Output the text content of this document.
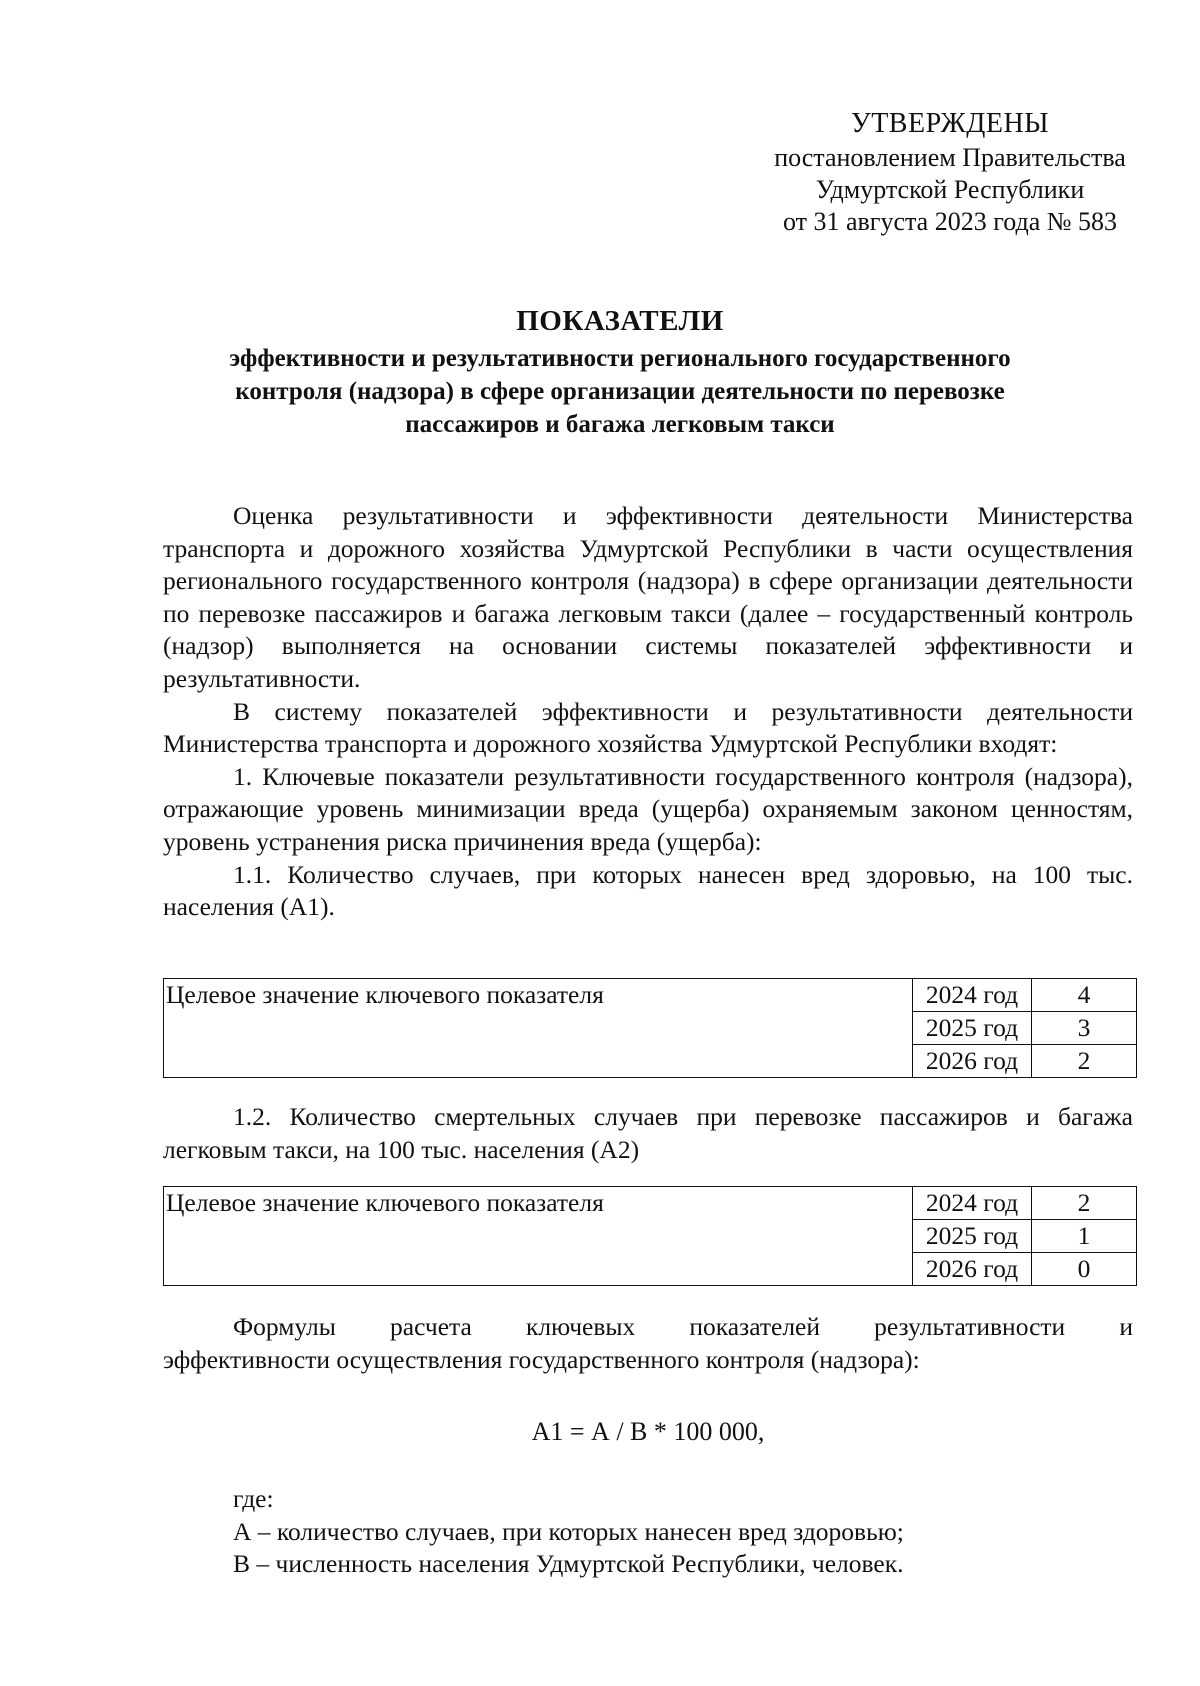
УТВЕРЖДЕНЫ
постановлением Правительства
Удмуртской Республики
от 31 августа 2023 года № 583
ПОКАЗАТЕЛИ
эффективности и результативности регионального государственного контроля (надзора) в сфере организации деятельности по перевозке пассажиров и багажа легковым такси

Оценка результативности и эффективности деятельности Министерства транспорта и дорожного хозяйства Удмуртской Республики в части осуществления регионального государственного контроля (надзора) в сфере организации деятельности по перевозке пассажиров и багажа легковым такси (далее – государственный контроль (надзор) выполняется на основании системы показателей эффективности и результативности.

В систему показателей эффективности и результативности деятельности Министерства транспорта и дорожного хозяйства Удмуртской Республики входят:

1. Ключевые показатели результативности государственного контроля (надзора), отражающие уровень минимизации вреда (ущерба) охраняемым законом ценностям, уровень устранения риска причинения вреда (ущерба):

1.1. Количество случаев, при которых нанесен вред здоровью, на 100 тыс. населения (А1).

Целевое значение ключевого показателя	2024 год	4
	2025 год	3
	2026 год	2

1.2. Количество смертельных случаев при перевозке пассажиров и багажа легковым такси, на 100 тыс. населения (А2)

Целевое значение ключевого показателя	2024 год	2
	2025 год	1
	2026 год	0

Формулы расчета ключевых показателей результативности и
эффективности осуществления государственного контроля (надзора):

А1 = А / В * 100 000,
где:
А – количество случаев, при которых нанесен вред здоровью;
В – численность населения Удмуртской Республики, человек.
